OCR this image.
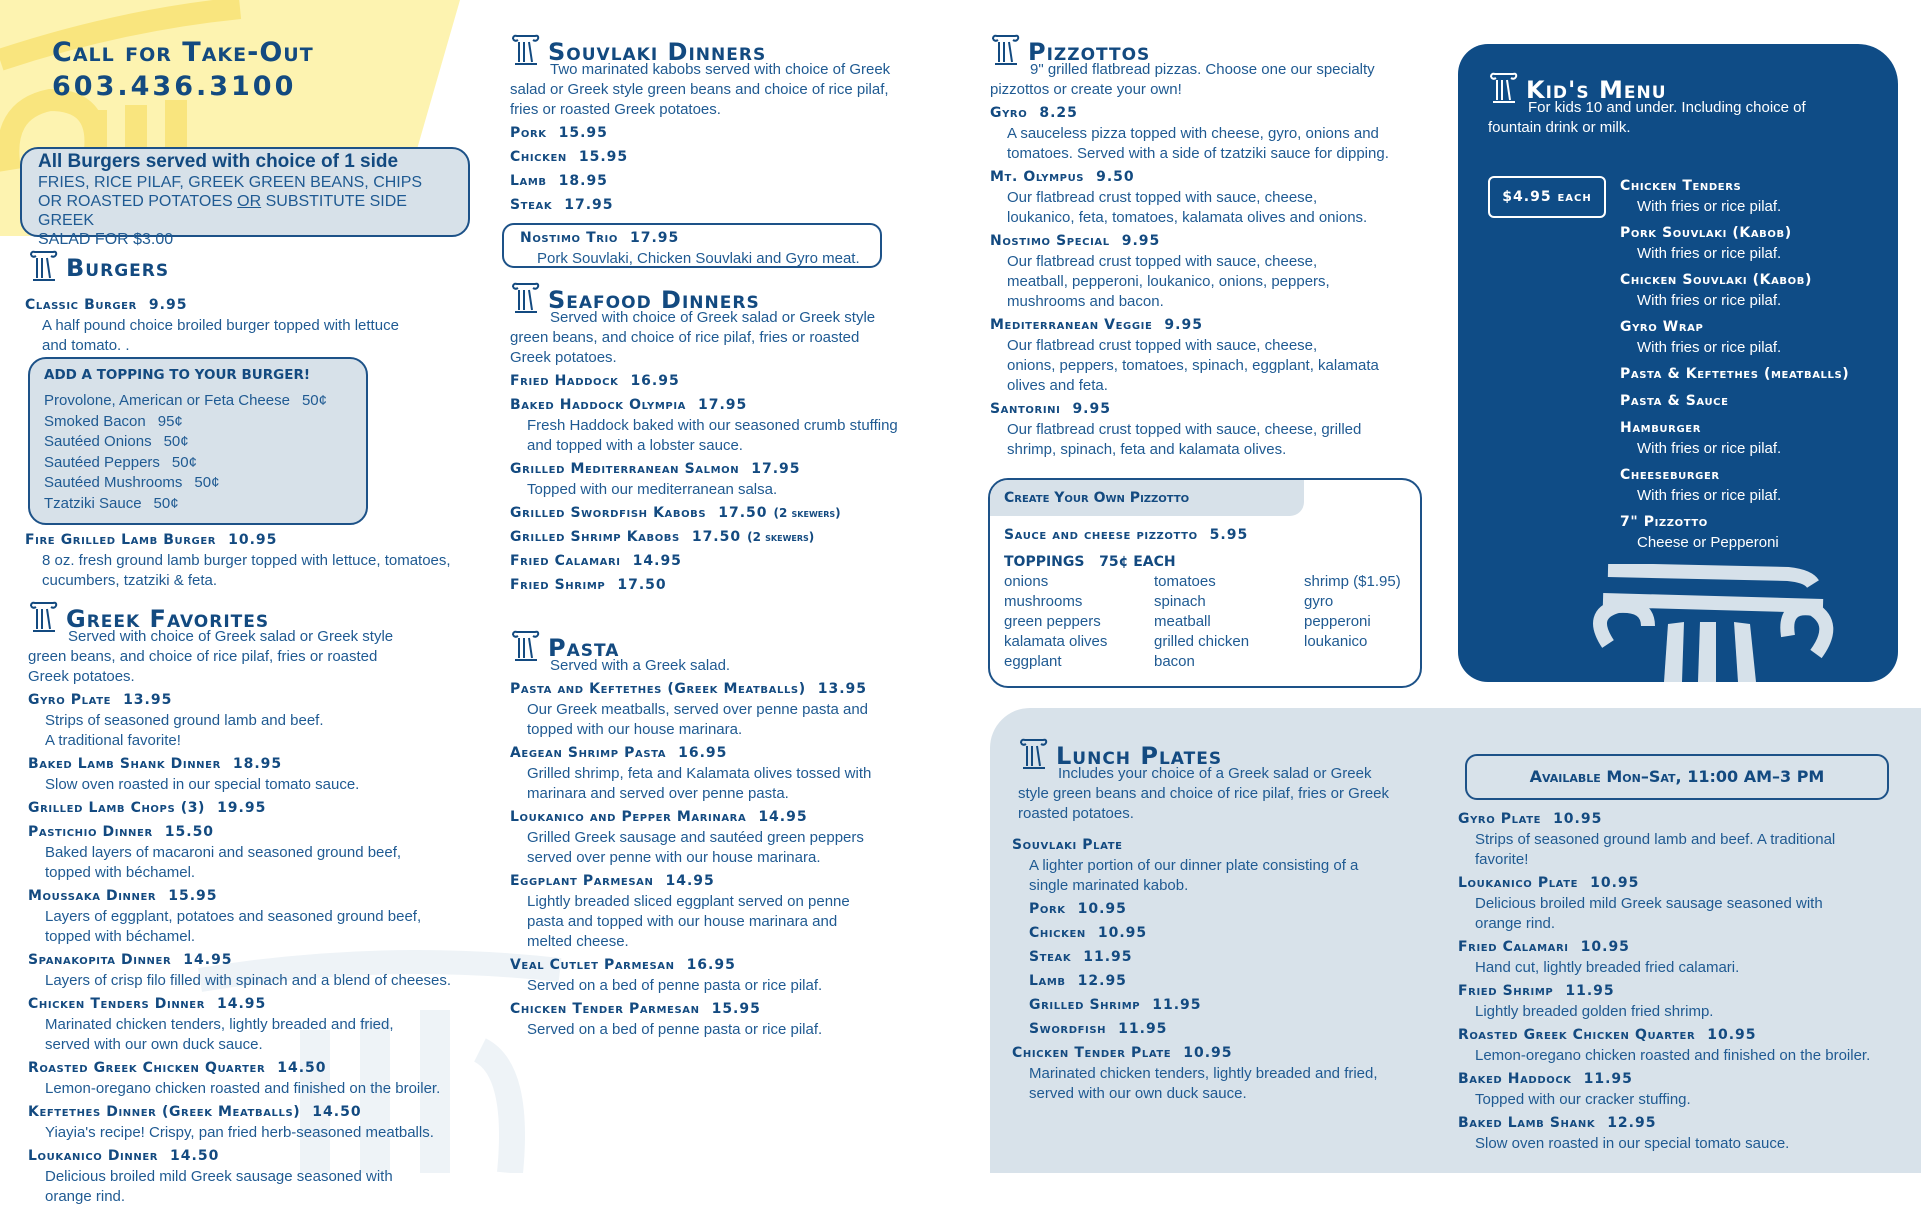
Call for Take-Out
603.436.3100
All Burgers served with choice of 1 side
FRIES, RICE PILAF, GREEK GREEN BEANS, CHIPS
OR ROASTED POTATOES OR SUBSTITUTE SIDE GREEK
SALAD FOR $3.00
Burgers
Classic Burger 9.95
A half pound choice broiled burger topped with lettuce
and tomato. .
ADD A TOPPING TO YOUR BURGER!
Provolone, American or Feta Cheese 50¢
Smoked Bacon 95¢
Sautéed Onions 50¢
Sautéed Peppers 50¢
Sautéed Mushrooms 50¢
Tzatziki Sauce 50¢
Fire Grilled Lamb Burger 10.95
8 oz. fresh ground lamb burger topped with lettuce, tomatoes,
cucumbers, tzatziki & feta.
Greek Favorites
Served with choice of Greek salad or Greek style
green beans, and choice of rice pilaf, fries or roasted
Greek potatoes.
Gyro Plate 13.95
Strips of seasoned ground lamb and beef.
A traditional favorite!
Baked Lamb Shank Dinner 18.95
Slow oven roasted in our special tomato sauce.
Grilled Lamb Chops (3) 19.95
Pastichio Dinner 15.50
Baked layers of macaroni and seasoned ground beef,
topped with béchamel.
Moussaka Dinner 15.95
Layers of eggplant, potatoes and seasoned ground beef,
topped with béchamel.
Spanakopita Dinner 14.95
Layers of crisp filo filled with spinach and a blend of cheeses.
Chicken Tenders Dinner 14.95
Marinated chicken tenders, lightly breaded and fried,
served with our own duck sauce.
Roasted Greek Chicken Quarter 14.50
Lemon-oregano chicken roasted and finished on the broiler.
Keftethes Dinner (Greek Meatballs) 14.50
Yiayia's recipe! Crispy, pan fried herb-seasoned meatballs.
Loukanico Dinner 14.50
Delicious broiled mild Greek sausage seasoned with
orange rind.
Souvlaki Dinners
Two marinated kabobs served with choice of Greek
salad or Greek style green beans and choice of rice pilaf,
fries or roasted Greek potatoes.
Pork 15.95
Chicken 15.95
Lamb 18.95
Steak 17.95
Nostimo Trio 17.95
Pork Souvlaki, Chicken Souvlaki and Gyro meat.
Seafood Dinners
Served with choice of Greek salad or Greek style
green beans, and choice of rice pilaf, fries or roasted
Greek potatoes.
Fried Haddock 16.95
Baked Haddock Olympia 17.95
Fresh Haddock baked with our seasoned crumb stuffing
and topped with a lobster sauce.
Grilled Mediterranean Salmon 17.95
Topped with our mediterranean salsa.
Grilled Swordfish Kabobs 17.50 (2 skewers)
Grilled Shrimp Kabobs 17.50 (2 skewers)
Fried Calamari 14.95
Fried Shrimp 17.50
Pasta
Served with a Greek salad.
Pasta and Keftethes (Greek Meatballs) 13.95
Our Greek meatballs, served over penne pasta and
topped with our house marinara.
Aegean Shrimp Pasta 16.95
Grilled shrimp, feta and Kalamata olives tossed with
marinara and served over penne pasta.
Loukanico and Pepper Marinara 14.95
Grilled Greek sausage and sautéed green peppers
served over penne with our house marinara.
Eggplant Parmesan 14.95
Lightly breaded sliced eggplant served on penne
pasta and topped with our house marinara and
melted cheese.
Veal Cutlet Parmesan 16.95
Served on a bed of penne pasta or rice pilaf.
Chicken Tender Parmesan 15.95
Served on a bed of penne pasta or rice pilaf.
Pizzottos
9" grilled flatbread pizzas. Choose one our specialty
pizzottos or create your own!
Gyro 8.25
A sauceless pizza topped with cheese, gyro, onions and
tomatoes. Served with a side of tzatziki sauce for dipping.
Mt. Olympus 9.50
Our flatbread crust topped with sauce, cheese,
loukanico, feta, tomatoes, kalamata olives and onions.
Nostimo Special 9.95
Our flatbread crust topped with sauce, cheese,
meatball, pepperoni, loukanico, onions, peppers,
mushrooms and bacon.
Mediterranean Veggie 9.95
Our flatbread crust topped with sauce, cheese,
onions, peppers, tomatoes, spinach, eggplant, kalamata
olives and feta.
Santorini 9.95
Our flatbread crust topped with sauce, cheese, grilled
shrimp, spinach, feta and kalamata olives.
Create Your Own Pizzotto
Sauce and cheese pizzotto 5.95
TOPPINGS 75¢ EACH
onions	tomatoes	shrimp ($1.95)
mushrooms	spinach	gyro
green peppers	meatball	pepperoni
kalamata olives	grilled chicken	loukanico
eggplant	bacon
Kid's Menu
For kids 10 and under. Including choice of
fountain drink or milk.
$4.95 each
Chicken Tenders
With fries or rice pilaf.
Pork Souvlaki (Kabob)
With fries or rice pilaf.
Chicken Souvlaki (Kabob)
With fries or rice pilaf.
Gyro Wrap
With fries or rice pilaf.
Pasta & Keftethes (meatballs)
Pasta & Sauce
Hamburger
With fries or rice pilaf.
Cheeseburger
With fries or rice pilaf.
7" Pizzotto
Cheese or Pepperoni
Lunch Plates
Includes your choice of a Greek salad or Greek
style green beans and choice of rice pilaf, fries or Greek
roasted potatoes.
Souvlaki Plate
A lighter portion of our dinner plate consisting of a
single marinated kabob.
Pork 10.95
Chicken 10.95
Steak 11.95
Lamb 12.95
Grilled Shrimp 11.95
Swordfish 11.95
Chicken Tender Plate 10.95
Marinated chicken tenders, lightly breaded and fried,
served with our own duck sauce.
Available Mon–Sat, 11:00 AM–3 PM
Gyro Plate 10.95
Strips of seasoned ground lamb and beef. A traditional
favorite!
Loukanico Plate 10.95
Delicious broiled mild Greek sausage seasoned with
orange rind.
Fried Calamari 10.95
Hand cut, lightly breaded fried calamari.
Fried Shrimp 11.95
Lightly breaded golden fried shrimp.
Roasted Greek Chicken Quarter 10.95
Lemon-oregano chicken roasted and finished on the broiler.
Baked Haddock 11.95
Topped with our cracker stuffing.
Baked Lamb Shank 12.95
Slow oven roasted in our special tomato sauce.
